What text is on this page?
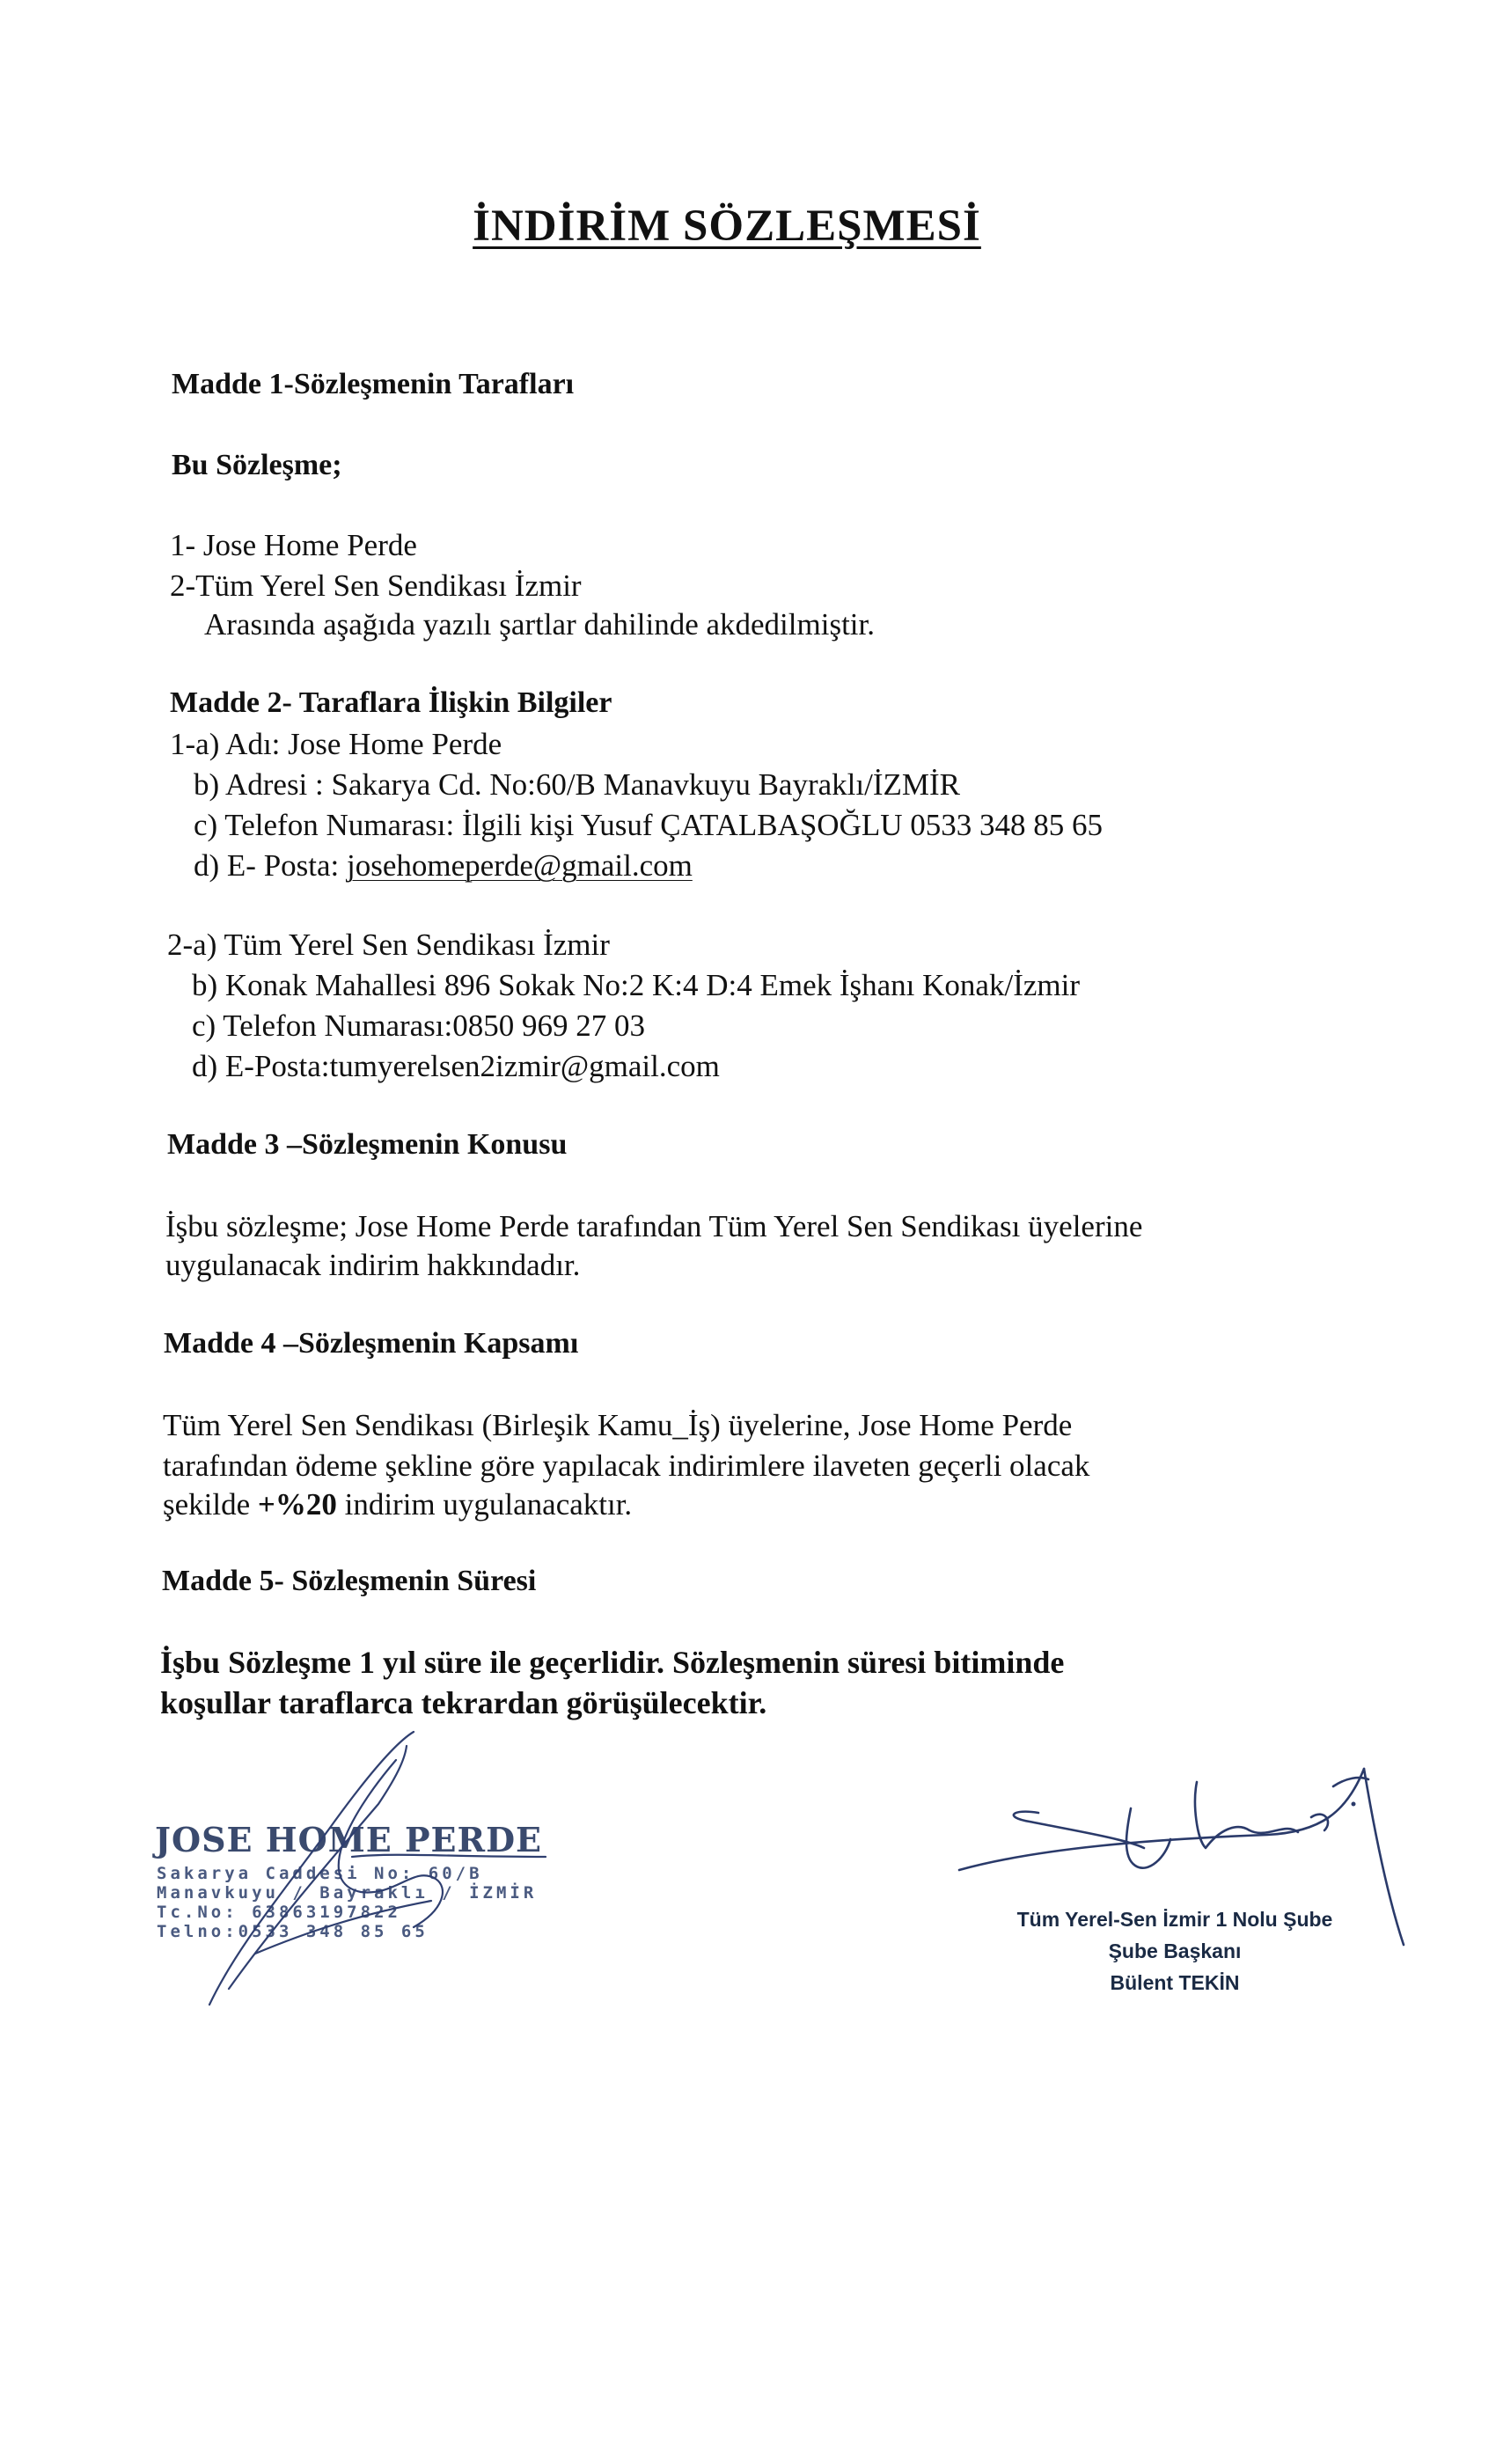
İNDİRİM SÖZLEŞMESİ
Madde 1-Sözleşmenin Tarafları
Bu Sözleşme;
1- Jose Home Perde
2-Tüm Yerel Sen Sendikası İzmir
Arasında aşağıda yazılı şartlar dahilinde akdedilmiştir.
Madde 2- Taraflara İlişkin Bilgiler
1-a) Adı: Jose Home Perde
b) Adresi : Sakarya Cd. No:60/B Manavkuyu Bayraklı/İZMİR
c) Telefon Numarası: İlgili kişi Yusuf ÇATALBAŞOĞLU 0533 348 85 65
d) E- Posta: josehomeperde@gmail.com
2-a) Tüm Yerel Sen Sendikası İzmir
b) Konak Mahallesi 896 Sokak No:2 K:4 D:4 Emek İşhanı Konak/İzmir
c) Telefon Numarası:0850 969 27 03
d) E-Posta:tumyerelsen2izmir@gmail.com
Madde 3 –Sözleşmenin Konusu
İşbu sözleşme; Jose Home Perde tarafından Tüm Yerel Sen Sendikası üyelerine
uygulanacak indirim hakkındadır.
Madde 4 –Sözleşmenin Kapsamı
Tüm Yerel Sen Sendikası (Birleşik Kamu_İş) üyelerine, Jose Home Perde
tarafından ödeme şekline göre yapılacak indirimlere ilaveten geçerli olacak
şekilde +%20 indirim uygulanacaktır.
Madde 5- Sözleşmenin Süresi
İşbu Sözleşme 1 yıl süre ile geçerlidir. Sözleşmenin süresi bitiminde
koşullar taraflarca tekrardan görüşülecektir.
JOSE HOME PERDE
Sakarya Caddesi No: 60/B
Manavkuyu / Bayraklı / İZMİR
Tc.No: 63863197822
Telno:0533 348 85 65
Tüm Yerel-Sen İzmir 1 Nolu Şube
Şube Başkanı
Bülent TEKİN
